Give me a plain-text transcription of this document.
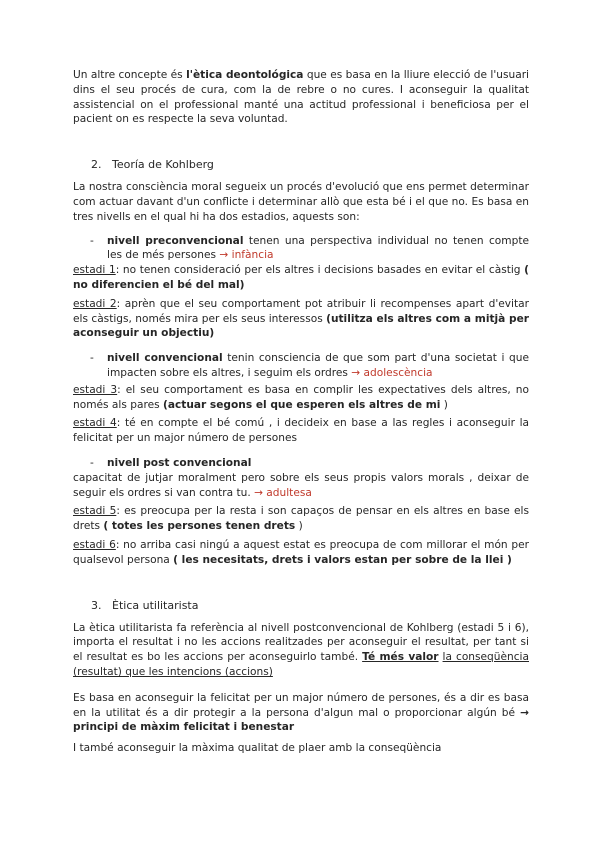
Un altre concepte és l'ètica deontológica que es basa en la lliure elecció de l'usuari dins el seu procés de cura, com la de rebre o no cures. I aconseguir la qualitat assistencial on el professional manté una actitud professional i beneficiosa per el pacient on es respecte la seva voluntad.

2. Teoría de Kohlberg

La nostra consciència moral segueix un procés d'evolució que ens permet determinar com actuar davant d'un conflicte i determinar allò que esta bé i el que no. Es basa en tres nivells en el qual hi ha dos estadios, aquests son:

- nivell preconvencional tenen una perspectiva individual no tenen compte les de més persones → infància

estadi 1: no tenen consideració per els altres i decisions basades en evitar el càstig ( no diferencien el bé del mal)

estadi 2: aprèn que el seu comportament pot atribuir li recompenses apart d'evitar els càstigs, només mira per els seus interessos (utilitza els altres com a mitjà per aconseguir un objectiu)

- nivell convencional tenin consciencia de que som part d'una societat i que impacten sobre els altres, i seguim els ordres → adolescència

estadi 3: el seu comportament es basa en complir les expectatives dels altres, no només als pares (actuar segons el que esperen els altres de mi )

estadi 4: té en compte el bé comú , i decideix en base a las regles i aconseguir la felicitat per un major número de persones

- nivell post convencional

capacitat de jutjar moralment pero sobre els seus propis valors morals , deixar de seguir els ordres si van contra tu. → adultesa

estadi 5: es preocupa per la resta i son capaços de pensar en els altres en base els drets ( totes les persones tenen drets )

estadi 6: no arriba casi ningú a aquest estat es preocupa de com millorar el món per qualsevol persona ( les necesitats, drets i valors estan per sobre de la llei )

3. Ètica utilitarista

La ètica utilitarista fa referència al nivell postconvencional de Kohlberg (estadi 5 i 6), importa el resultat i no les accions realitzades per aconseguir el resultat, per tant si el resultat es bo les accions per aconseguirlo també. Té més valor la conseqüència (resultat) que les intencions (accions)

Es basa en aconseguir la felicitat per un major número de persones, és a dir es basa en la utilitat és a dir protegir a la persona d'algun mal o proporcionar algún bé → principi de màxim felicitat i benestar

I també aconseguir la màxima qualitat de plaer amb la conseqüència
